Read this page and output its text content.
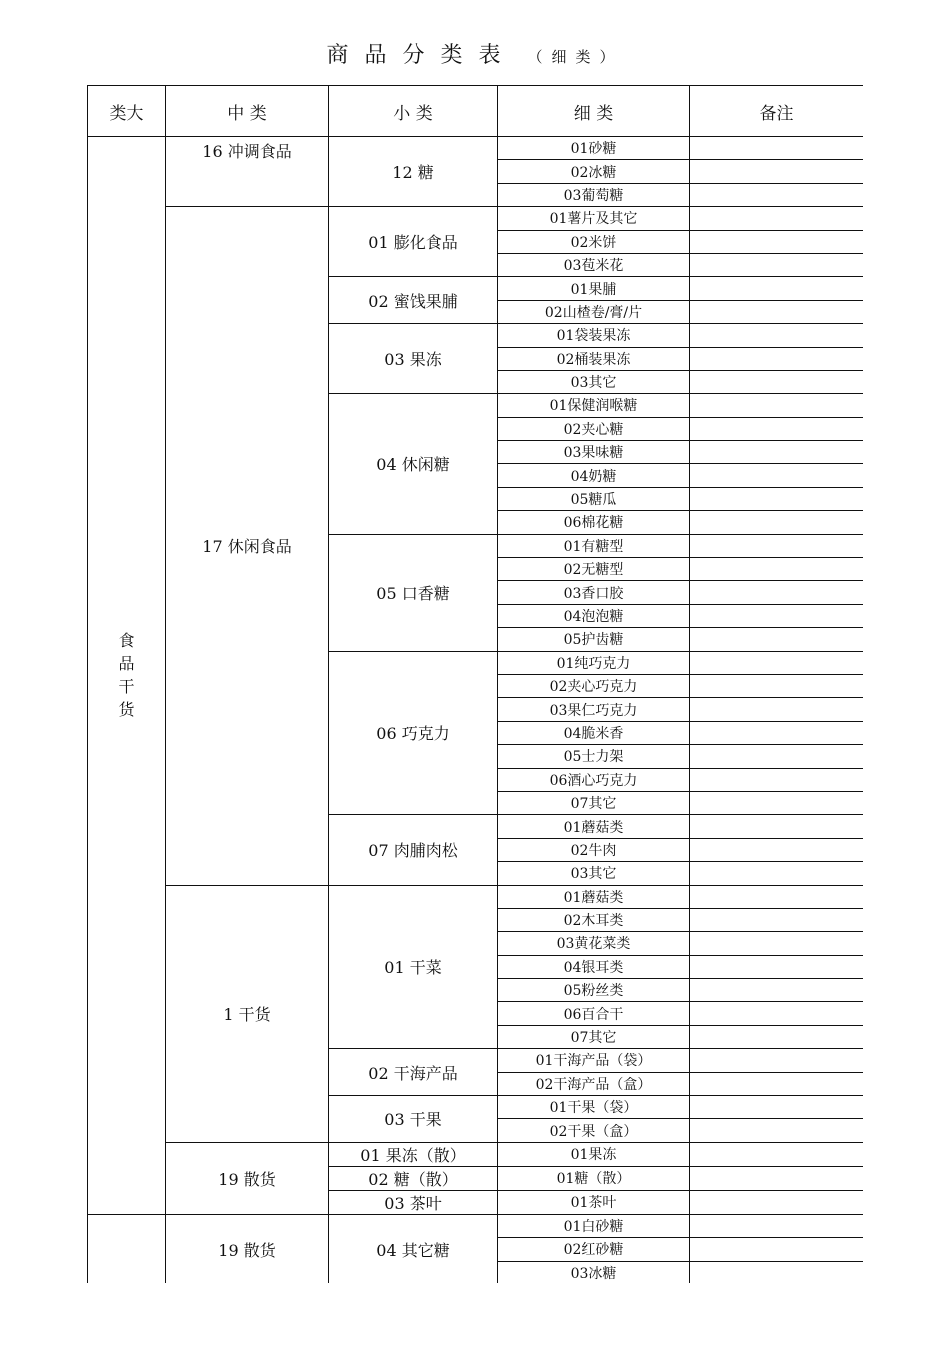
商品分类表 （细类）
类大	中 类	小 类	细 类	备注
食品干货	16 冲调食品	12 糖	01砂糖	
			02冰糖	
			03葡萄糖	
	17 休闲食品	01 膨化食品	01薯片及其它	
			02米饼	
			03苞米花	
		02 蜜饯果脯	01果脯	
			02山楂卷/膏/片	
		03 果冻	01袋装果冻	
			02桶装果冻	
			03其它	
		04 休闲糖	01保健润喉糖	
			02夹心糖	
			03果味糖	
			04奶糖	
			05糖瓜	
			06棉花糖	
		05 口香糖	01有糖型	
			02无糖型	
			03香口胶	
			04泡泡糖	
			05护齿糖	
		06 巧克力	01纯巧克力	
			02夹心巧克力	
			03果仁巧克力	
			04脆米香	
			05士力架	
			06酒心巧克力	
			07其它	
		07 肉脯肉松	01蘑菇类	
			02牛肉	
			03其它	
	1 干货	01 干菜	01蘑菇类	
			02木耳类	
			03黄花菜类	
			04银耳类	
			05粉丝类	
			06百合干	
			07其它	
		02 干海产品	01干海产品（袋）	
			02干海产品（盒）	
		03 干果	01干果（袋）	
			02干果（盒）	
	19 散货	01 果冻（散）	01果冻	
		02 糖（散）	01糖（散）	
		03 茶叶	01茶叶	
	19 散货	04 其它糖	01白砂糖	
			02红砂糖	
			03冰糖	
